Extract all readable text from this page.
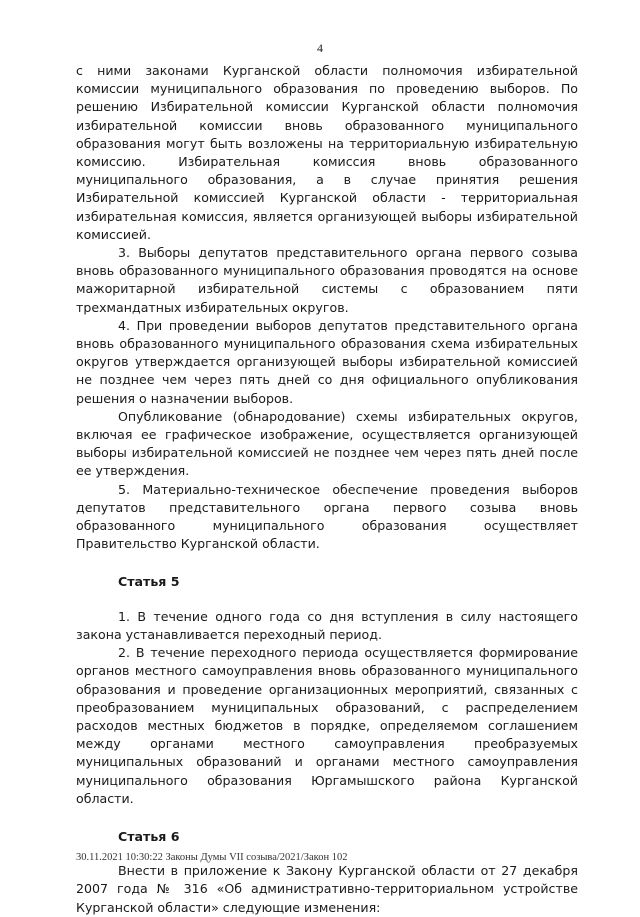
4

с ними законами Курганской области полномочия избирательной комиссии муниципального образования по проведению выборов. По решению Избирательной комиссии Курганской области полномочия избирательной комиссии вновь образованного муниципального образования могут быть возложены на территориальную избирательную комиссию. Избирательная комиссия вновь образованного муниципального образования, а в случае принятия решения Избирательной комиссией Курганской области - территориальная избирательная комиссия, является организующей выборы избирательной комиссией.

3. Выборы депутатов представительного органа первого созыва вновь образованного муниципального образования проводятся на основе мажоритарной избирательной системы с образованием пяти трехмандатных избирательных округов.

4. При проведении выборов депутатов представительного органа вновь образованного муниципального образования схема избирательных округов утверждается организующей выборы избирательной комиссией не позднее чем через пять дней со дня официального опубликования решения о назначении выборов.

Опубликование (обнародование) схемы избирательных округов, включая ее графическое изображение, осуществляется организующей выборы избирательной комиссией не позднее чем через пять дней после ее утверждения.

5. Материально-техническое обеспечение проведения выборов депутатов представительного органа первого созыва вновь образованного муниципального образования осуществляет Правительство Курганской области.

Статья 5

1. В течение одного года со дня вступления в силу настоящего закона устанавливается переходный период.

2. В течение переходного периода осуществляется формирование органов местного самоуправления вновь образованного муниципального образования и проведение организационных мероприятий, связанных с преобразованием муниципальных образований, с распределением расходов местных бюджетов в порядке, определяемом соглашением между органами местного самоуправления преобразуемых муниципальных образований и органами местного самоуправления муниципального образования Юргамышского района Курганской области.

Статья 6

Внести в приложение к Закону Курганской области от 27 декабря 2007 года № 316 «Об административно-территориальном устройстве Курганской области» следующие изменения:

30.11.2021 10:30:22 Законы Думы VII созыва/2021/Закон 102
